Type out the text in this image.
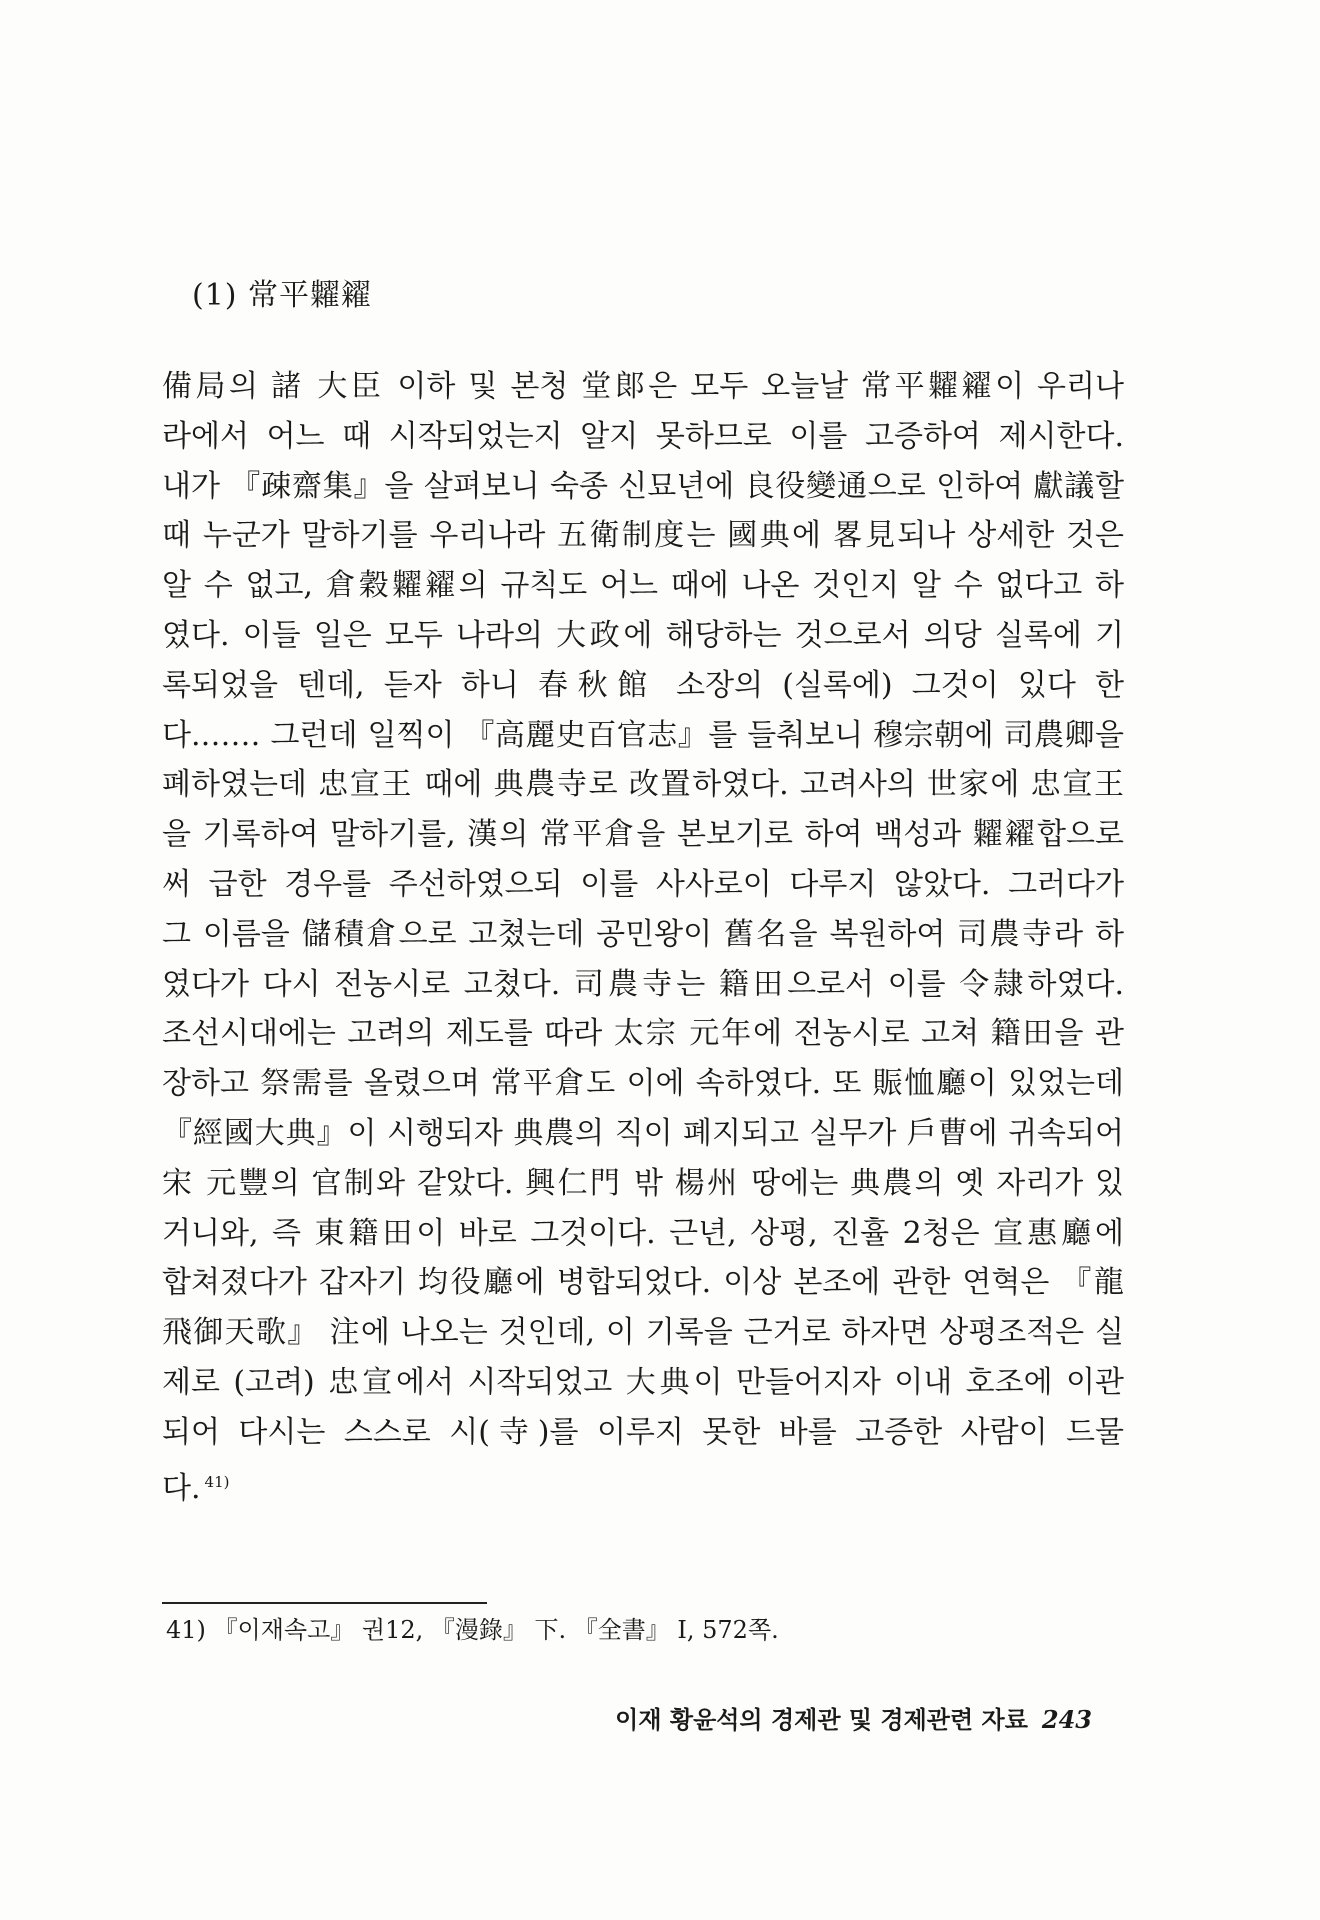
(1) 常平糶糴
備局의 諸 大臣 이하 및 본청 堂郞은 모두 오늘날 常平糶糴이 우리나
라에서 어느 때 시작되었는지 알지 못하므로 이를 고증하여 제시한다.
내가 『疎齋集』을 살펴보니 숙종 신묘년에 良役變通으로 인하여 獻議할
때 누군가 말하기를 우리나라 五衛制度는 國典에 畧見되나 상세한 것은
알 수 없고, 倉穀糶糴의 규칙도 어느 때에 나온 것인지 알 수 없다고 하
였다. 이들 일은 모두 나라의 大政에 해당하는 것으로서 의당 실록에 기
록되었을 텐데, 듣자 하니 春秋館 소장의 (실록에) 그것이 있다 한
다.…… 그런데 일찍이 『高麗史百官志』를 들춰보니 穆宗朝에 司農卿을
폐하였는데 忠宣王 때에 典農寺로 改置하였다. 고려사의 世家에 忠宣王
을 기록하여 말하기를, 漢의 常平倉을 본보기로 하여 백성과 糶糴합으로
써 급한 경우를 주선하였으되 이를 사사로이 다루지 않았다. 그러다가
그 이름을 儲積倉으로 고쳤는데 공민왕이 舊名을 복원하여 司農寺라 하
였다가 다시 전농시로 고쳤다. 司農寺는 籍田으로서 이를 令隷하였다.
조선시대에는 고려의 제도를 따라 太宗 元年에 전농시로 고쳐 籍田을 관
장하고 祭需를 올렸으며 常平倉도 이에 속하였다. 또 賑恤廳이 있었는데
『經國大典』이 시행되자 典農의 직이 폐지되고 실무가 戶曹에 귀속되어
宋 元豐의 官制와 같았다. 興仁門 밖 楊州 땅에는 典農의 옛 자리가 있
거니와, 즉 東籍田이 바로 그것이다. 근년, 상평, 진휼 2청은 宣惠廳에
합쳐졌다가 갑자기 均役廳에 병합되었다. 이상 본조에 관한 연혁은 『龍
飛御天歌』 注에 나오는 것인데, 이 기록을 근거로 하자면 상평조적은 실
제로 (고려) 忠宣에서 시작되었고 大典이 만들어지자 이내 호조에 이관
되어 다시는 스스로 시(寺)를 이루지 못한 바를 고증한 사람이 드물
다. $^{41)}$
41) 『이재속고』 권12, 『漫錄』 下. 『全書』 I, 572쪽.
이재 황윤석의 경제관 및 경제관련 자료 243
